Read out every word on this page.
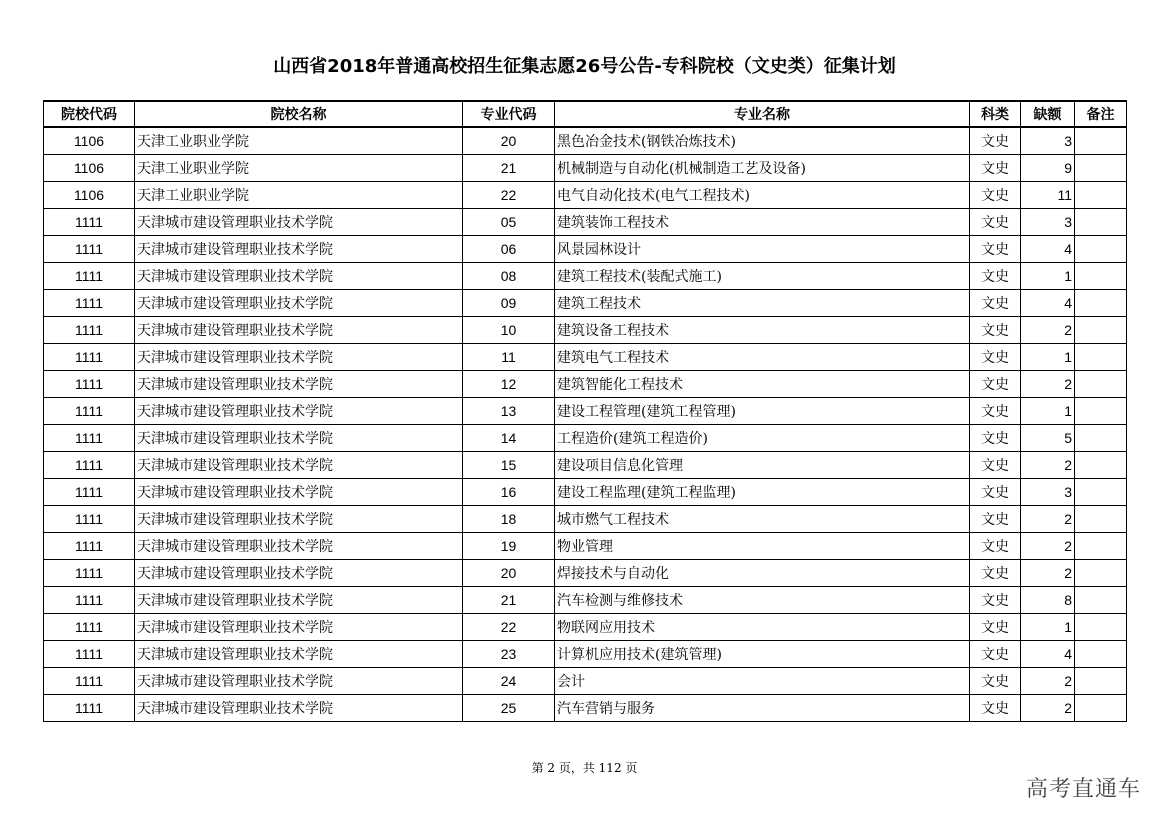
山西省2018年普通高校招生征集志愿26号公告-专科院校（文史类）征集计划
院校代码	院校名称	专业代码	专业名称	科类	缺额	备注
1106	天津工业职业学院	20	黑色冶金技术(钢铁冶炼技术)	文史	3	
1106	天津工业职业学院	21	机械制造与自动化(机械制造工艺及设备)	文史	9	
1106	天津工业职业学院	22	电气自动化技术(电气工程技术)	文史	11	
1111	天津城市建设管理职业技术学院	05	建筑装饰工程技术	文史	3	
1111	天津城市建设管理职业技术学院	06	风景园林设计	文史	4	
1111	天津城市建设管理职业技术学院	08	建筑工程技术(装配式施工)	文史	1	
1111	天津城市建设管理职业技术学院	09	建筑工程技术	文史	4	
1111	天津城市建设管理职业技术学院	10	建筑设备工程技术	文史	2	
1111	天津城市建设管理职业技术学院	11	建筑电气工程技术	文史	1	
1111	天津城市建设管理职业技术学院	12	建筑智能化工程技术	文史	2	
1111	天津城市建设管理职业技术学院	13	建设工程管理(建筑工程管理)	文史	1	
1111	天津城市建设管理职业技术学院	14	工程造价(建筑工程造价)	文史	5	
1111	天津城市建设管理职业技术学院	15	建设项目信息化管理	文史	2	
1111	天津城市建设管理职业技术学院	16	建设工程监理(建筑工程监理)	文史	3	
1111	天津城市建设管理职业技术学院	18	城市燃气工程技术	文史	2	
1111	天津城市建设管理职业技术学院	19	物业管理	文史	2	
1111	天津城市建设管理职业技术学院	20	焊接技术与自动化	文史	2	
1111	天津城市建设管理职业技术学院	21	汽车检测与维修技术	文史	8	
1111	天津城市建设管理职业技术学院	22	物联网应用技术	文史	1	
1111	天津城市建设管理职业技术学院	23	计算机应用技术(建筑管理)	文史	4	
1111	天津城市建设管理职业技术学院	24	会计	文史	2	
1111	天津城市建设管理职业技术学院	25	汽车营销与服务	文史	2	
第 2 页，共 112 页
高考直通车
